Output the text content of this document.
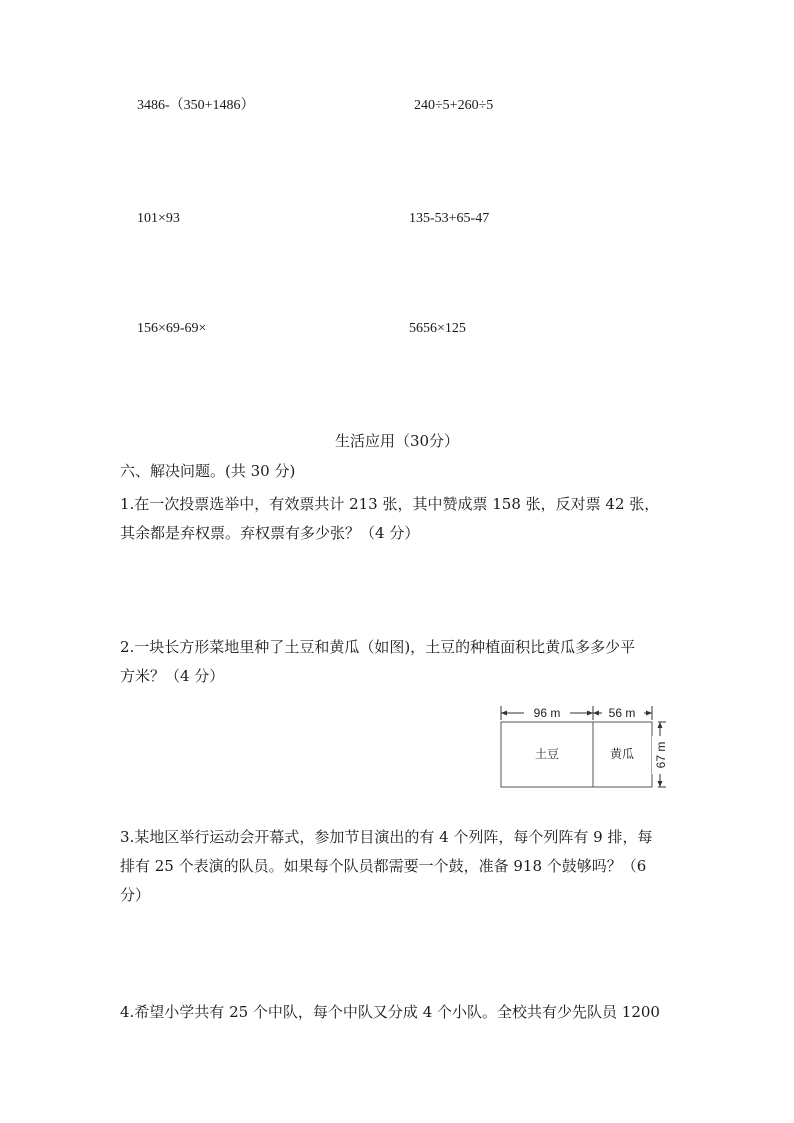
3486-（350+1486）	240÷5+260÷5
101×93	135-53+65-47
156×69-69×	5656×125
生活应用（30分）
六、解决问题。(共 30 分)
1.在一次投票选举中，有效票共计 213 张，其中赞成票 158 张，反对票 42 张，
其余都是弃权票。弃权票有多少张？（4 分）
2.一块长方形菜地里种了土豆和黄瓜（如图)，土豆的种植面积比黄瓜多多少平
方米？（4 分）
96 m	56 m
土豆	黄瓜 67 m
3.某地区举行运动会开幕式，参加节目演出的有 4 个列阵，每个列阵有 9 排，每
排有 25 个表演的队员。如果每个队员都需要一个鼓，准备 918 个鼓够吗？（6
分）
4.希望小学共有 25 个中队，每个中队又分成 4 个小队。全校共有少先队员 1200
